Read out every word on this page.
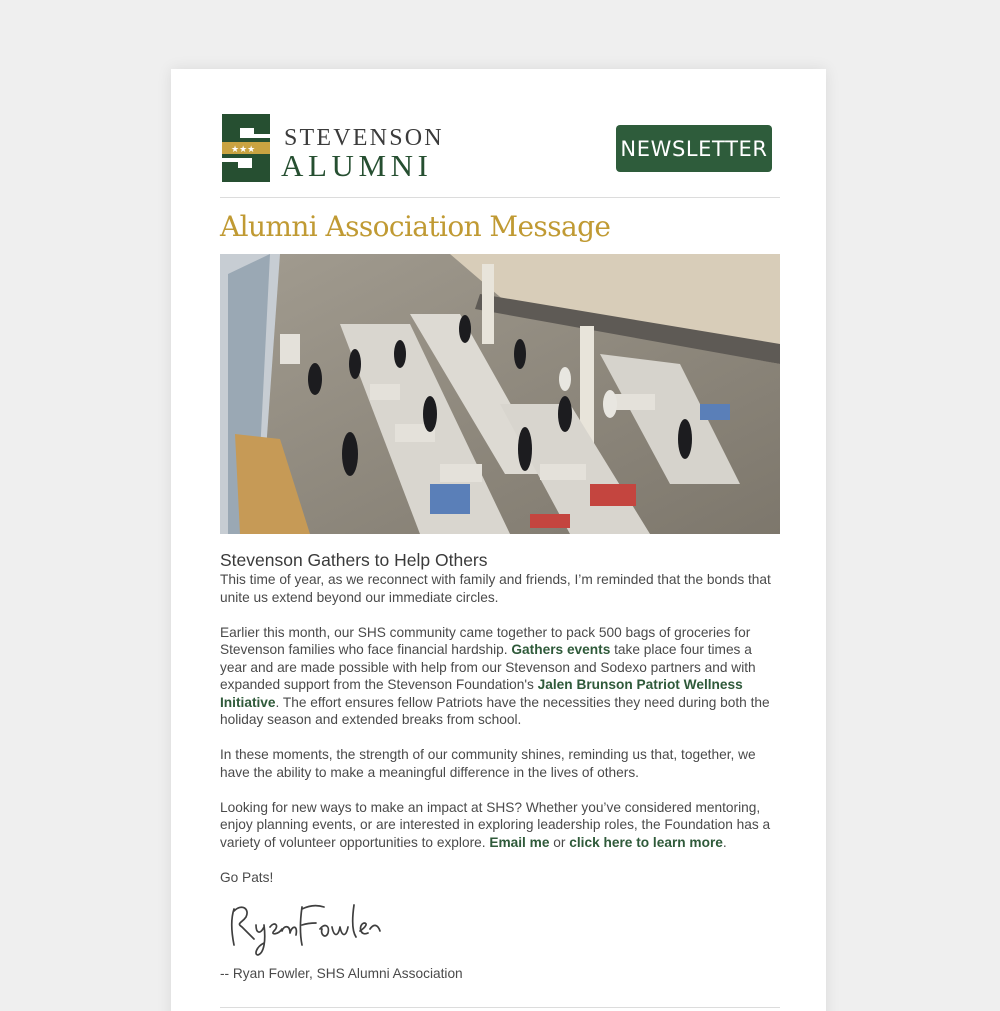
★★★ STEVENSON
ALUMNI	NEWSLETTER
Alumni Association Message
Stevenson Gathers to Help Others

This time of year, as we reconnect with family and friends, I’m reminded that the bonds that unite us extend beyond our immediate circles.

Earlier this month, our SHS community came together to pack 500 bags of groceries for Stevenson families who face financial hardship. Gathers events take place four times a year and are made possible with help from our Stevenson and Sodexo partners and with expanded support from the Stevenson Foundation's Jalen Brunson Patriot Wellness Initiative. The effort ensures fellow Patriots have the necessities they need during both the holiday season and extended breaks from school.

In these moments, the strength of our community shines, reminding us that, together, we have the ability to make a meaningful difference in the lives of others.

Looking for new ways to make an impact at SHS? Whether you’ve considered mentoring, enjoy planning events, or are interested in exploring leadership roles, the Foundation has a variety of volunteer opportunities to explore. Email me or click here to learn more.

Go Pats!

-- Ryan Fowler, SHS Alumni Association
